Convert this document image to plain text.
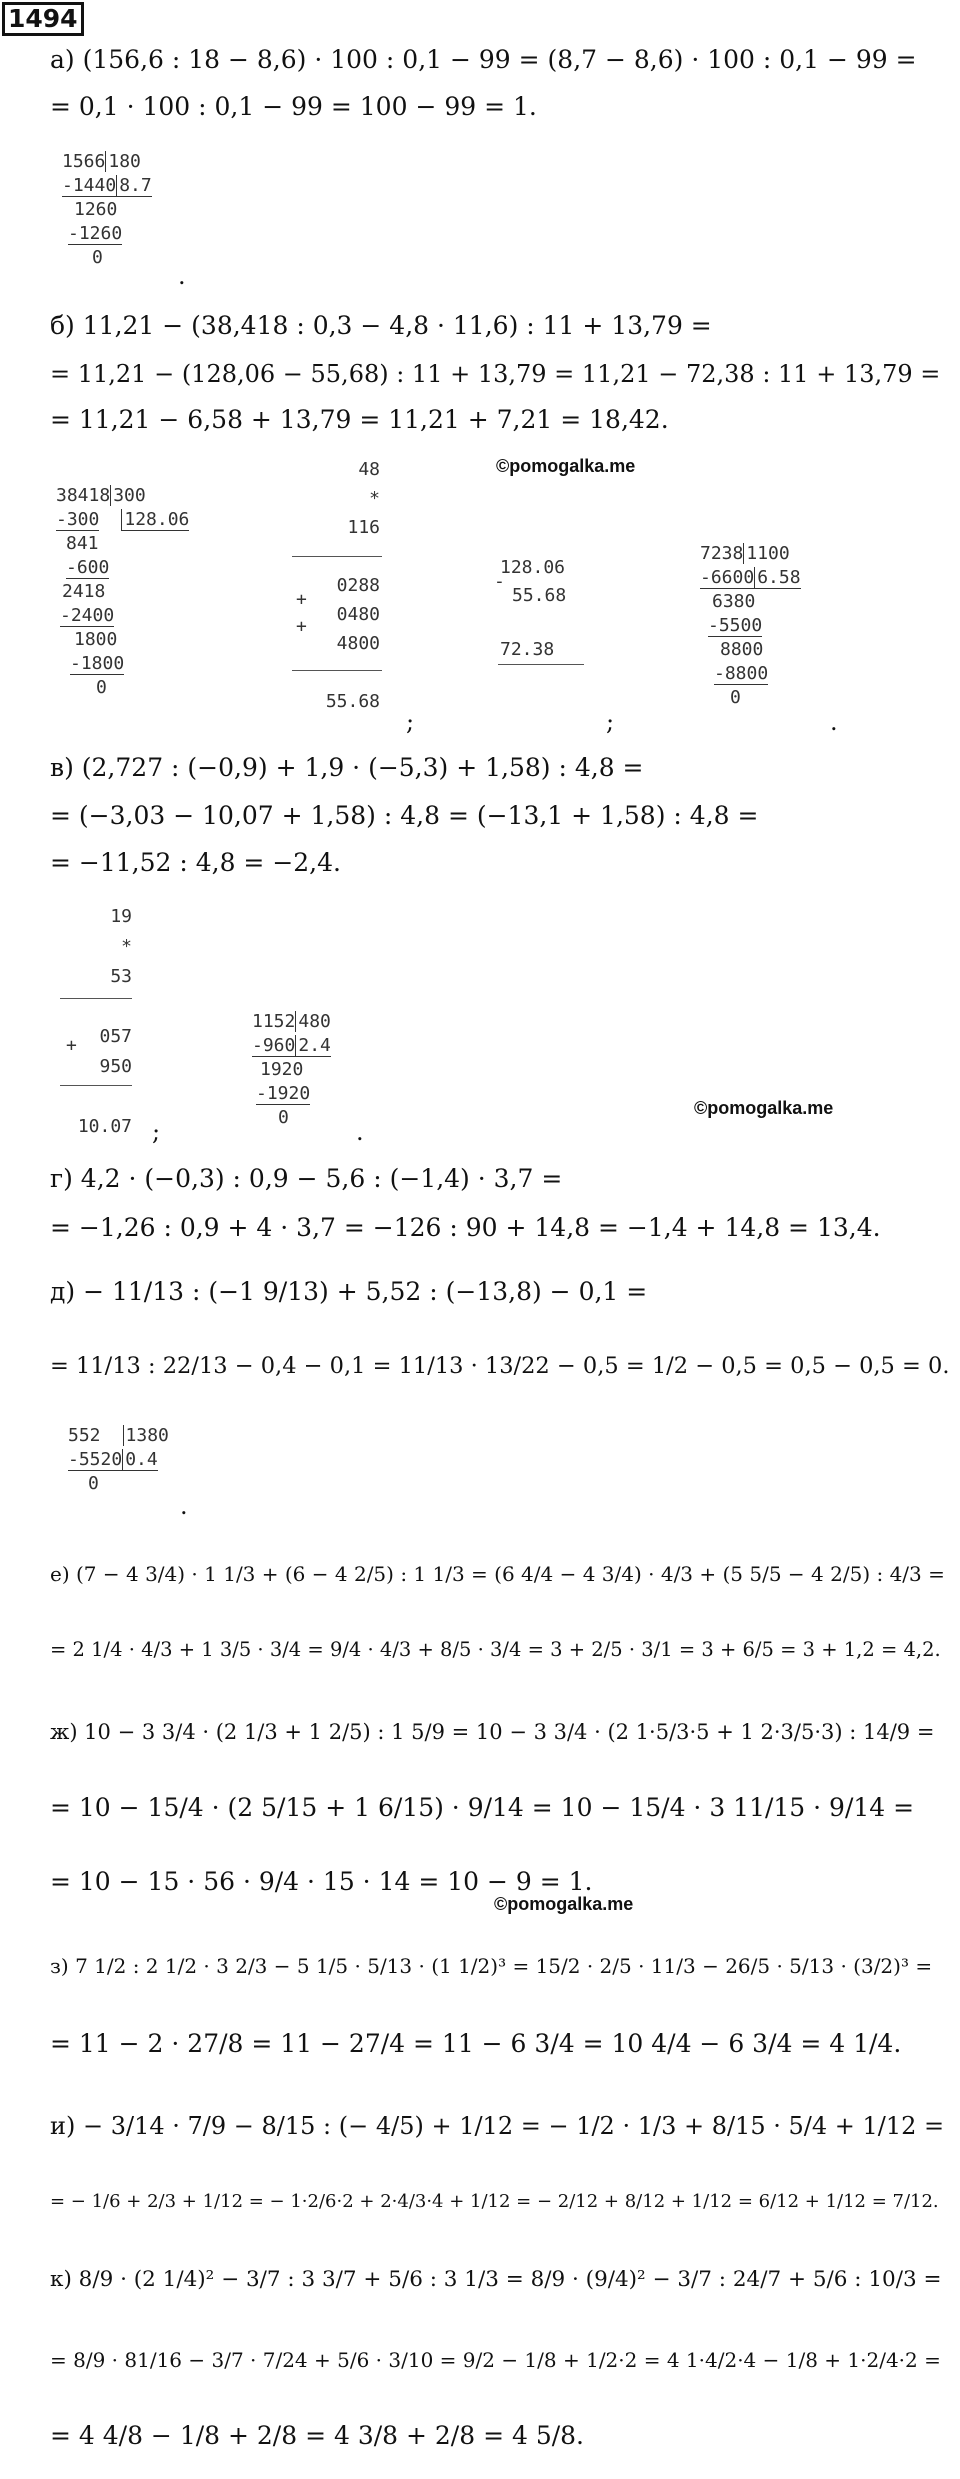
1494
а) (156,6 : 18 − 8,6) · 100 : 0,1 − 99 = (8,7 − 8,6) · 100 : 0,1 − 99 =
= 0,1 · 100 : 0,1 − 99 = 100 − 99 = 1.
1566 180
-1440 8.7
1260
-1260
0
.
б) 11,21 − (38,418 : 0,3 − 4,8 · 11,6) : 11 + 13,79 =
= 11,21 − (128,06 − 55,68) : 11 + 13,79 = 11,21 − 72,38 : 11 + 13,79 =
= 11,21 − 6,58 + 13,79 = 11,21 + 7,21 = 18,42.
38418 300
-300 128.06
841
-600
2418
-2400
1800
-1800
0
48
*
116
0288
0480
4800
55.68
+
+
;
128.06
55.68
72.38
-
;
7238 1100
-6600 6.58
6380
-5500
8800
-8800
0
.
©pomogalka.me
в) (2,727 : (−0,9) + 1,9 · (−5,3) + 1,58) : 4,8 =
= (−3,03 − 10,07 + 1,58) : 4,8 = (−13,1 + 1,58) : 4,8 =
= −11,52 : 4,8 = −2,4.
19
*
53
057
950
10.07
+
;
1152 480
-960 2.4
1920
-1920
0
.
©pomogalka.me
г) 4,2 · (−0,3) : 0,9 − 5,6 : (−1,4) · 3,7 =
= −1,26 : 0,9 + 4 · 3,7 = −126 : 90 + 14,8 = −1,4 + 14,8 = 13,4.
д) − 11/13 : (−1 9/13) + 5,52 : (−13,8) − 0,1 =
= 11/13 : 22/13 − 0,4 − 0,1 = 11/13 · 13/22 − 0,5 = 1/2 − 0,5 = 0,5 − 0,5 = 0.
552 1380
-5520 0.4
0
.
е) (7 − 4 3/4) · 1 1/3 + (6 − 4 2/5) : 1 1/3 = (6 4/4 − 4 3/4) · 4/3 + (5 5/5 − 4 2/5) : 4/3 =
= 2 1/4 · 4/3 + 1 3/5 · 3/4 = 9/4 · 4/3 + 8/5 · 3/4 = 3 + 2/5 · 3/1 = 3 + 6/5 = 3 + 1,2 = 4,2.
ж) 10 − 3 3/4 · (2 1/3 + 1 2/5) : 1 5/9 = 10 − 3 3/4 · (2 1·5/3·5 + 1 2·3/5·3) : 14/9 =
= 10 − 15/4 · (2 5/15 + 1 6/15) · 9/14 = 10 − 15/4 · 3 11/15 · 9/14 =
= 10 − 15 · 56 · 9/4 · 15 · 14 = 10 − 9 = 1.
©pomogalka.me
з) 7 1/2 : 2 1/2 · 3 2/3 − 5 1/5 · 5/13 · (1 1/2)³ = 15/2 · 2/5 · 11/3 − 26/5 · 5/13 · (3/2)³ =
= 11 − 2 · 27/8 = 11 − 27/4 = 11 − 6 3/4 = 10 4/4 − 6 3/4 = 4 1/4.
и) − 3/14 · 7/9 − 8/15 : (− 4/5) + 1/12 = − 1/2 · 1/3 + 8/15 · 5/4 + 1/12 =
= − 1/6 + 2/3 + 1/12 = − 1·2/6·2 + 2·4/3·4 + 1/12 = − 2/12 + 8/12 + 1/12 = 6/12 + 1/12 = 7/12.
к) 8/9 · (2 1/4)² − 3/7 : 3 3/7 + 5/6 : 3 1/3 = 8/9 · (9/4)² − 3/7 : 24/7 + 5/6 : 10/3 =
= 8/9 · 81/16 − 3/7 · 7/24 + 5/6 · 3/10 = 9/2 − 1/8 + 1/2·2 = 4 1·4/2·4 − 1/8 + 1·2/4·2 =
= 4 4/8 − 1/8 + 2/8 = 4 3/8 + 2/8 = 4 5/8.
